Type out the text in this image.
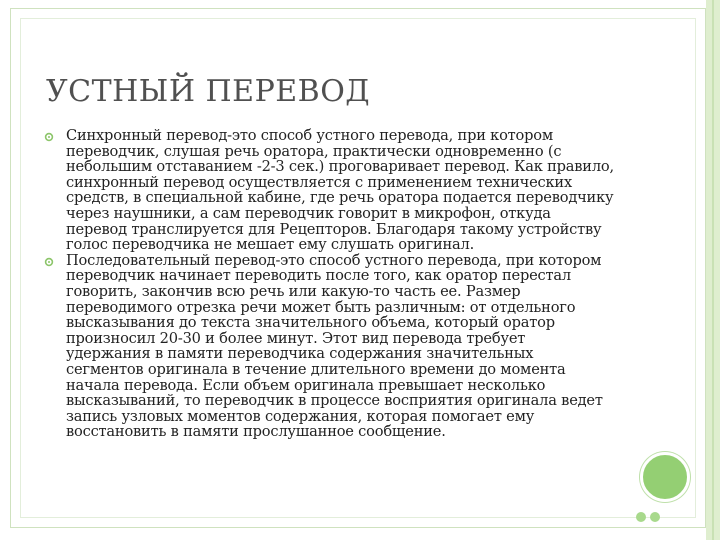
УСТНЫЙ ПЕРЕВОД
Синхронный перевод-это способ устного перевода, при котором переводчик, слушая речь оратора, практически одновременно (с небольшим отставанием -2-3 сек.) проговаривает перевод. Как правило, синхронный перевод осуществляется с применением технических средств, в специальной кабине, где речь оратора подается переводчику через наушники, а сам переводчик говорит в микрофон, откуда перевод транслируется для Рецепторов. Благодаря такому устройству голос переводчика не мешает ему слушать оригинал.
Последовательный перевод-это способ устного перевода, при котором переводчик начинает переводить после того, как оратор перестал говорить, закончив всю речь или какую-то часть ее. Размер переводимого отрезка речи может быть различным: от отдельного высказывания до текста значительного объема, который оратор произносил 20-30 и более минут. Этот вид перевода требует удержания в памяти переводчика содержания значительных сегментов оригинала в течение длительного времени до момента начала перевода. Если объем оригинала превышает несколько высказываний, то переводчик в процессе восприятия оригинала ведет запись узловых моментов содержания, которая помогает ему восстановить в памяти прослушанное сообщение.
